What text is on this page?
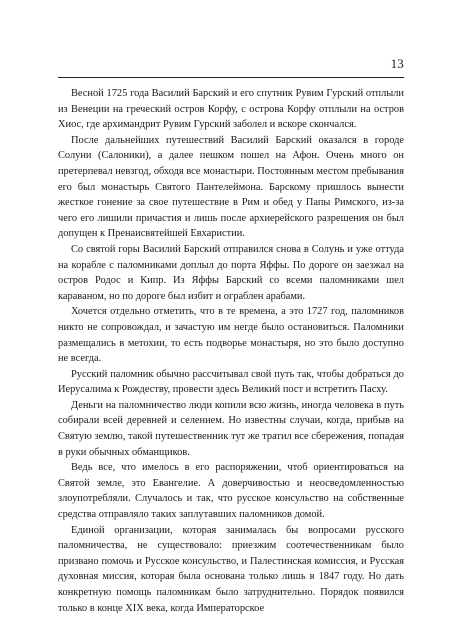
13

Весной 1725 года Василий Барский и его спутник Рувим Гурский отплыли из Венеции на греческий остров Корфу, с острова Корфу отплыли на остров Хиос, где архимандрит Рувим Гурский заболел и вскоре скончался.

После дальнейших путешествий Василий Барский оказался в городе Солуни (Салоники), а далее пешком пошел на Афон. Очень много он претерпевал невзгод, обходя все монастыри. Постоянным местом пребывания его был монастырь Святого Пантелеймона. Барскому пришлось вынести жесткое гонение за свое путешествие в Рим и обед у Папы Римского, из-за чего его лишили причастия и лишь после архиерейского разрешения он был допущен к Пренаисвятейшей Евхаристии.

Со святой горы Василий Барский отправился снова в Солунь и уже оттуда на корабле с паломниками доплыл до порта Яффы. По дороге он заезжал на остров Родос и Кипр. Из Яффы Барский со всеми паломниками шел караваном, но по дороге был избит и ограблен арабами.

Хочется отдельно отметить, что в те времена, а это 1727 год, паломников никто не сопровождал, и зачастую им негде было остановиться. Паломники размещались в метохии, то есть подворье монастыря, но это было доступно не всегда.

Русский паломник обычно рассчитывал свой путь так, чтобы добраться до Иерусалима к Рождеству, провести здесь Великий пост и встретить Пасху.

Деньги на паломничество люди копили всю жизнь, иногда человека в путь собирали всей деревней и селением. Но известны случаи, когда, прибыв на Святую землю, такой путешественник тут же тратил все сбережения, попадая в руки обычных обманщиков.

Ведь все, что имелось в его распоряжении, чтоб ориентироваться на Святой земле, это Евангелие. А доверчивостью и неосведомленностью злоупотребляли. Случалось и так, что русское консульство на собственные средства отправляло таких заплутавших паломников домой.

Единой организации, которая занималась бы вопросами русского паломничества, не существовало: приезжим соотечественникам было призвано помочь и Русское консульство, и Палестинская комиссия, и Русская духовная миссия, которая была основана только лишь в 1847 году. Но дать конкретную помощь паломникам было затруднительно. Порядок появился только в конце XIX века, когда Императорское
